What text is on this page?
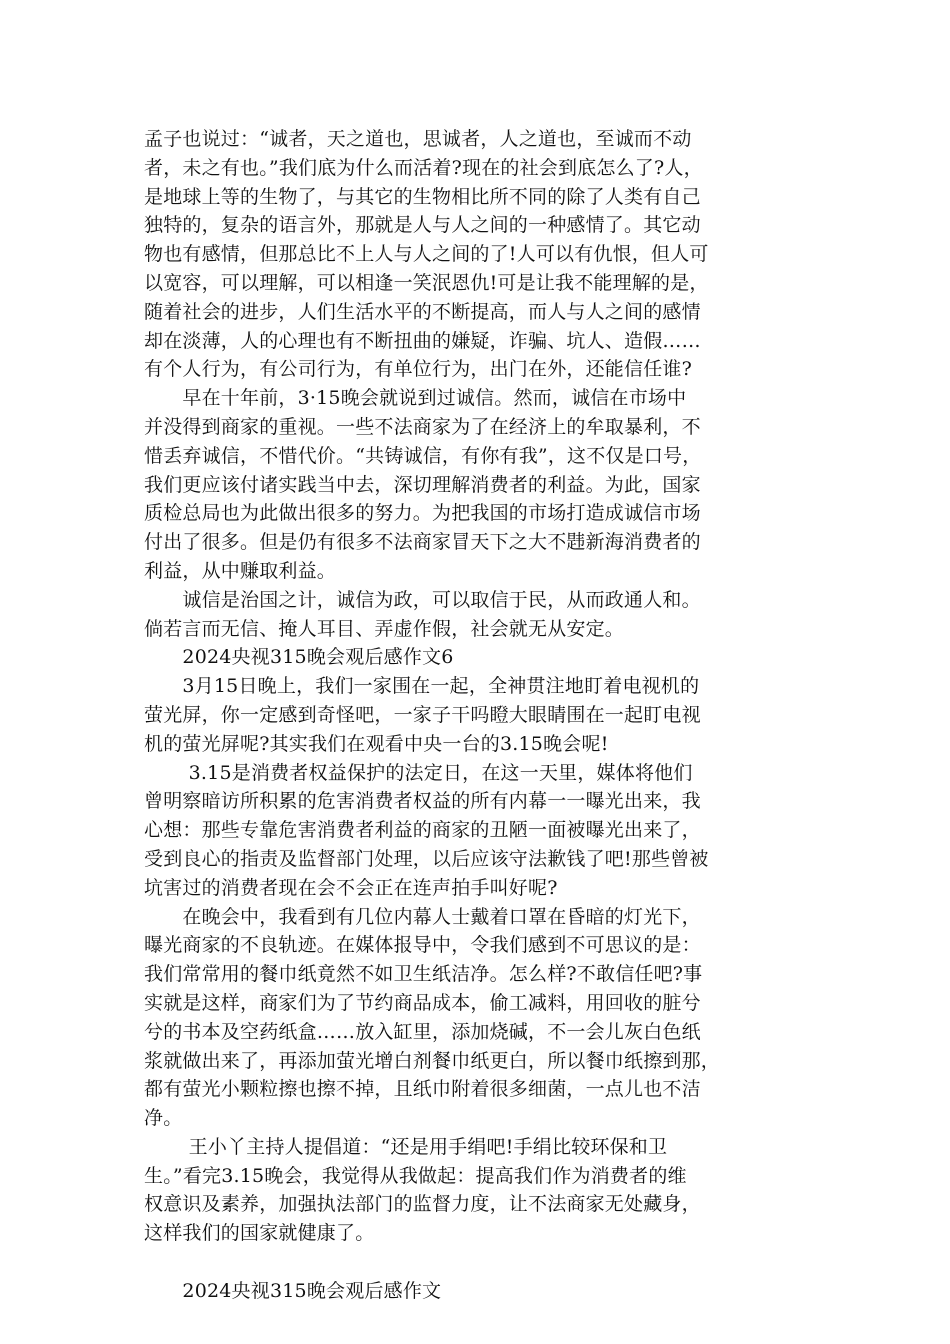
孟子也说过：“诚者，天之道也，思诚者，人之道也，至诚而不动
者，未之有也。”我们底为什么而活着?现在的社会到底怎么了?人，
是地球上等的生物了，与其它的生物相比所不同的除了人类有自己
独特的，复杂的语言外，那就是人与人之间的一种感情了。其它动
物也有感情，但那总比不上人与人之间的了!人可以有仇恨，但人可
以宽容，可以理解，可以相逢一笑泯恩仇!可是让我不能理解的是，
随着社会的进步，人们生活水平的不断提高，而人与人之间的感情
却在淡薄，人的心理也有不断扭曲的嫌疑，诈骗、坑人、造假……
有个人行为，有公司行为，有单位行为，出门在外，还能信任谁?
　　早在十年前，3·15晚会就说到过诚信。然而，诚信在市场中
并没得到商家的重视。一些不法商家为了在经济上的牟取暴利，不
惜丢弃诚信，不惜代价。“共铸诚信，有你有我”，这不仅是口号，
我们更应该付诸实践当中去，深切理解消费者的利益。为此，国家
质检总局也为此做出很多的努力。为把我国的市场打造成诚信市场
付出了很多。但是仍有很多不法商家冒天下之大不韪新海消费者的
利益，从中赚取利益。
　　诚信是治国之计，诚信为政，可以取信于民，从而政通人和。
倘若言而无信、掩人耳目、弄虚作假，社会就无从安定。
　　2024央视315晚会观后感作文6
　　3月15日晚上，我们一家围在一起，全神贯注地盯着电视机的
萤光屏，你一定感到奇怪吧，一家子干吗瞪大眼睛围在一起盯电视
机的萤光屏呢?其实我们在观看中央一台的3.15晚会呢!
　　 3.15是消费者权益保护的法定日，在这一天里，媒体将他们
曾明察暗访所积累的危害消费者权益的所有内幕一一曝光出来，我
心想：那些专靠危害消费者利益的商家的丑陋一面被曝光出来了，
受到良心的指责及监督部门处理，以后应该守法歉钱了吧!那些曾被
坑害过的消费者现在会不会正在连声拍手叫好呢?
　　在晚会中，我看到有几位内幕人士戴着口罩在昏暗的灯光下，
曝光商家的不良轨迹。在媒体报导中，令我们感到不可思议的是：
我们常常用的餐巾纸竟然不如卫生纸洁净。怎么样?不敢信任吧?事
实就是这样，商家们为了节约商品成本，偷工减料，用回收的脏兮
兮的书本及空药纸盒……放入缸里，添加烧碱，不一会儿灰白色纸
浆就做出来了，再添加萤光增白剂餐巾纸更白，所以餐巾纸擦到那，
都有萤光小颗粒擦也擦不掉，且纸巾附着很多细菌，一点儿也不洁
净。
　　 王小丫主持人提倡道：“还是用手绢吧!手绢比较环保和卫
生。”看完3.15晚会，我觉得从我做起：提高我们作为消费者的维
权意识及素养，加强执法部门的监督力度，让不法商家无处藏身，
这样我们的国家就健康了。
　　2024央视315晚会观后感作文
